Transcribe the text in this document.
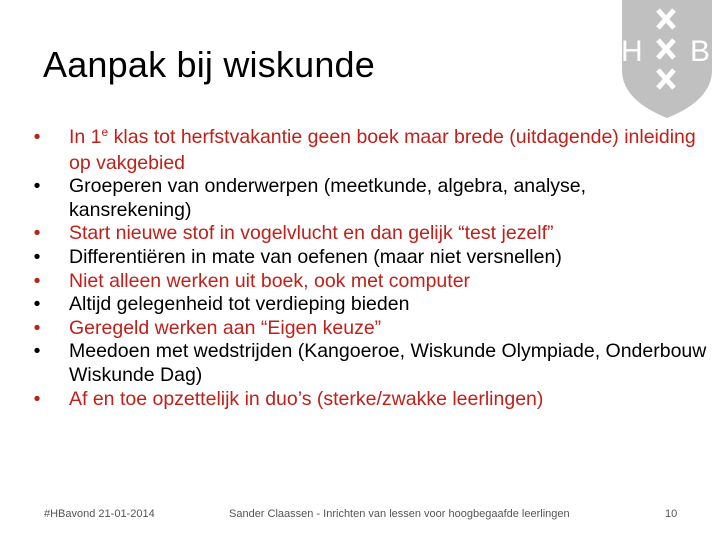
Aanpak bij wiskunde	H B
• In 1e klas tot herfstvakantie geen boek maar brede (uitdagende) inleiding op vakgebied
• Groeperen van onderwerpen (meetkunde, algebra, analyse, kansrekening)
• Start nieuwe stof in vogelvlucht en dan gelijk “test jezelf”
• Differentiëren in mate van oefenen (maar niet versnellen)
• Niet alleen werken uit boek, ook met computer
• Altijd gelegenheid tot verdieping bieden
• Geregeld werken aan “Eigen keuze”
• Meedoen met wedstrijden (Kangoeroe, Wiskunde Olympiade, Onderbouw Wiskunde Dag)
• Af en toe opzettelijk in duo’s (sterke/zwakke leerlingen)
#HBavond 21-01-2014	Sander Claassen - Inrichten van lessen voor hoogbegaafde leerlingen	10
